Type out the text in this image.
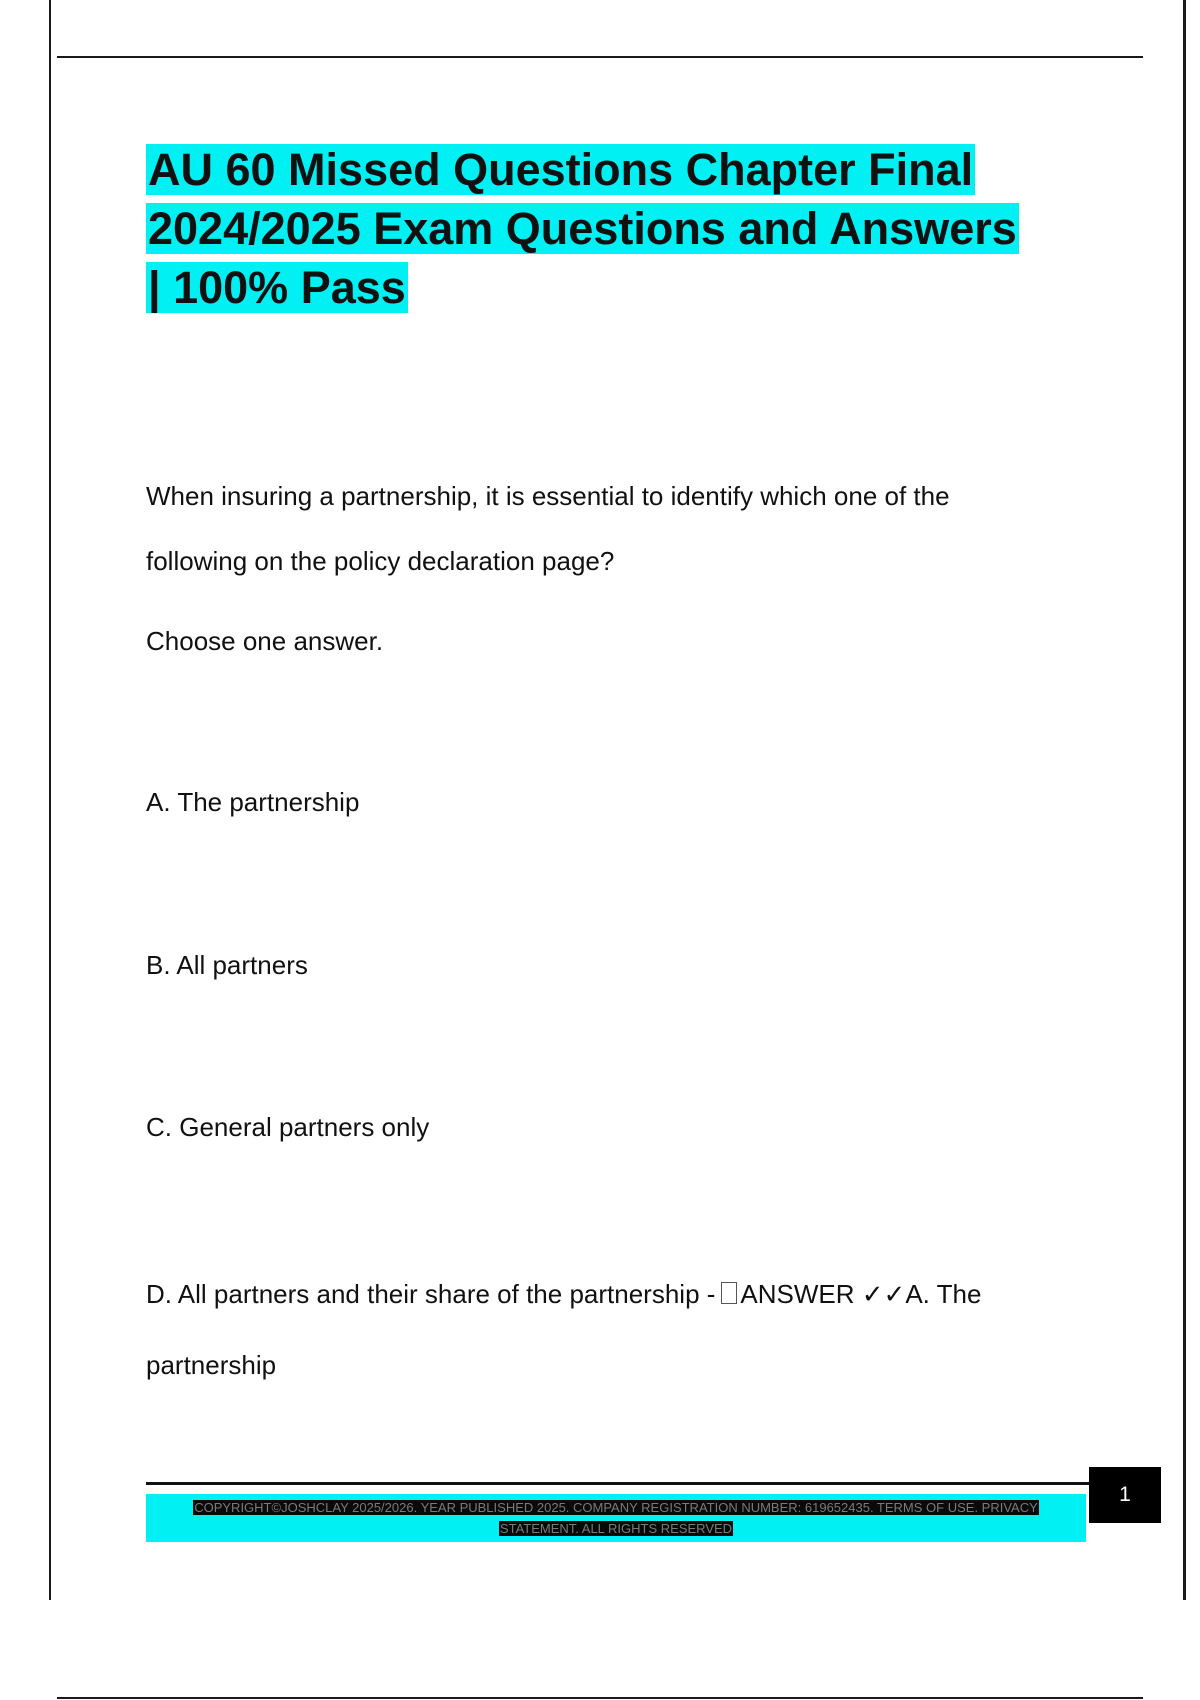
AU 60 Missed Questions Chapter Final
2024/2025 Exam Questions and Answers
| 100% Pass

When insuring a partnership, it is essential to identify which one of the

following on the policy declaration page?

Choose one answer.

A. The partnership

B. All partners

C. General partners only

D. All partners and their share of the partnership - ANSWER ✓✓A. The

partnership

COPYRIGHT©JOSHCLAY 2025/2026. YEAR PUBLISHED 2025. COMPANY REGISTRATION NUMBER: 619652435. TERMS OF USE. PRIVACY
STATEMENT. ALL RIGHTS RESERVED
1
